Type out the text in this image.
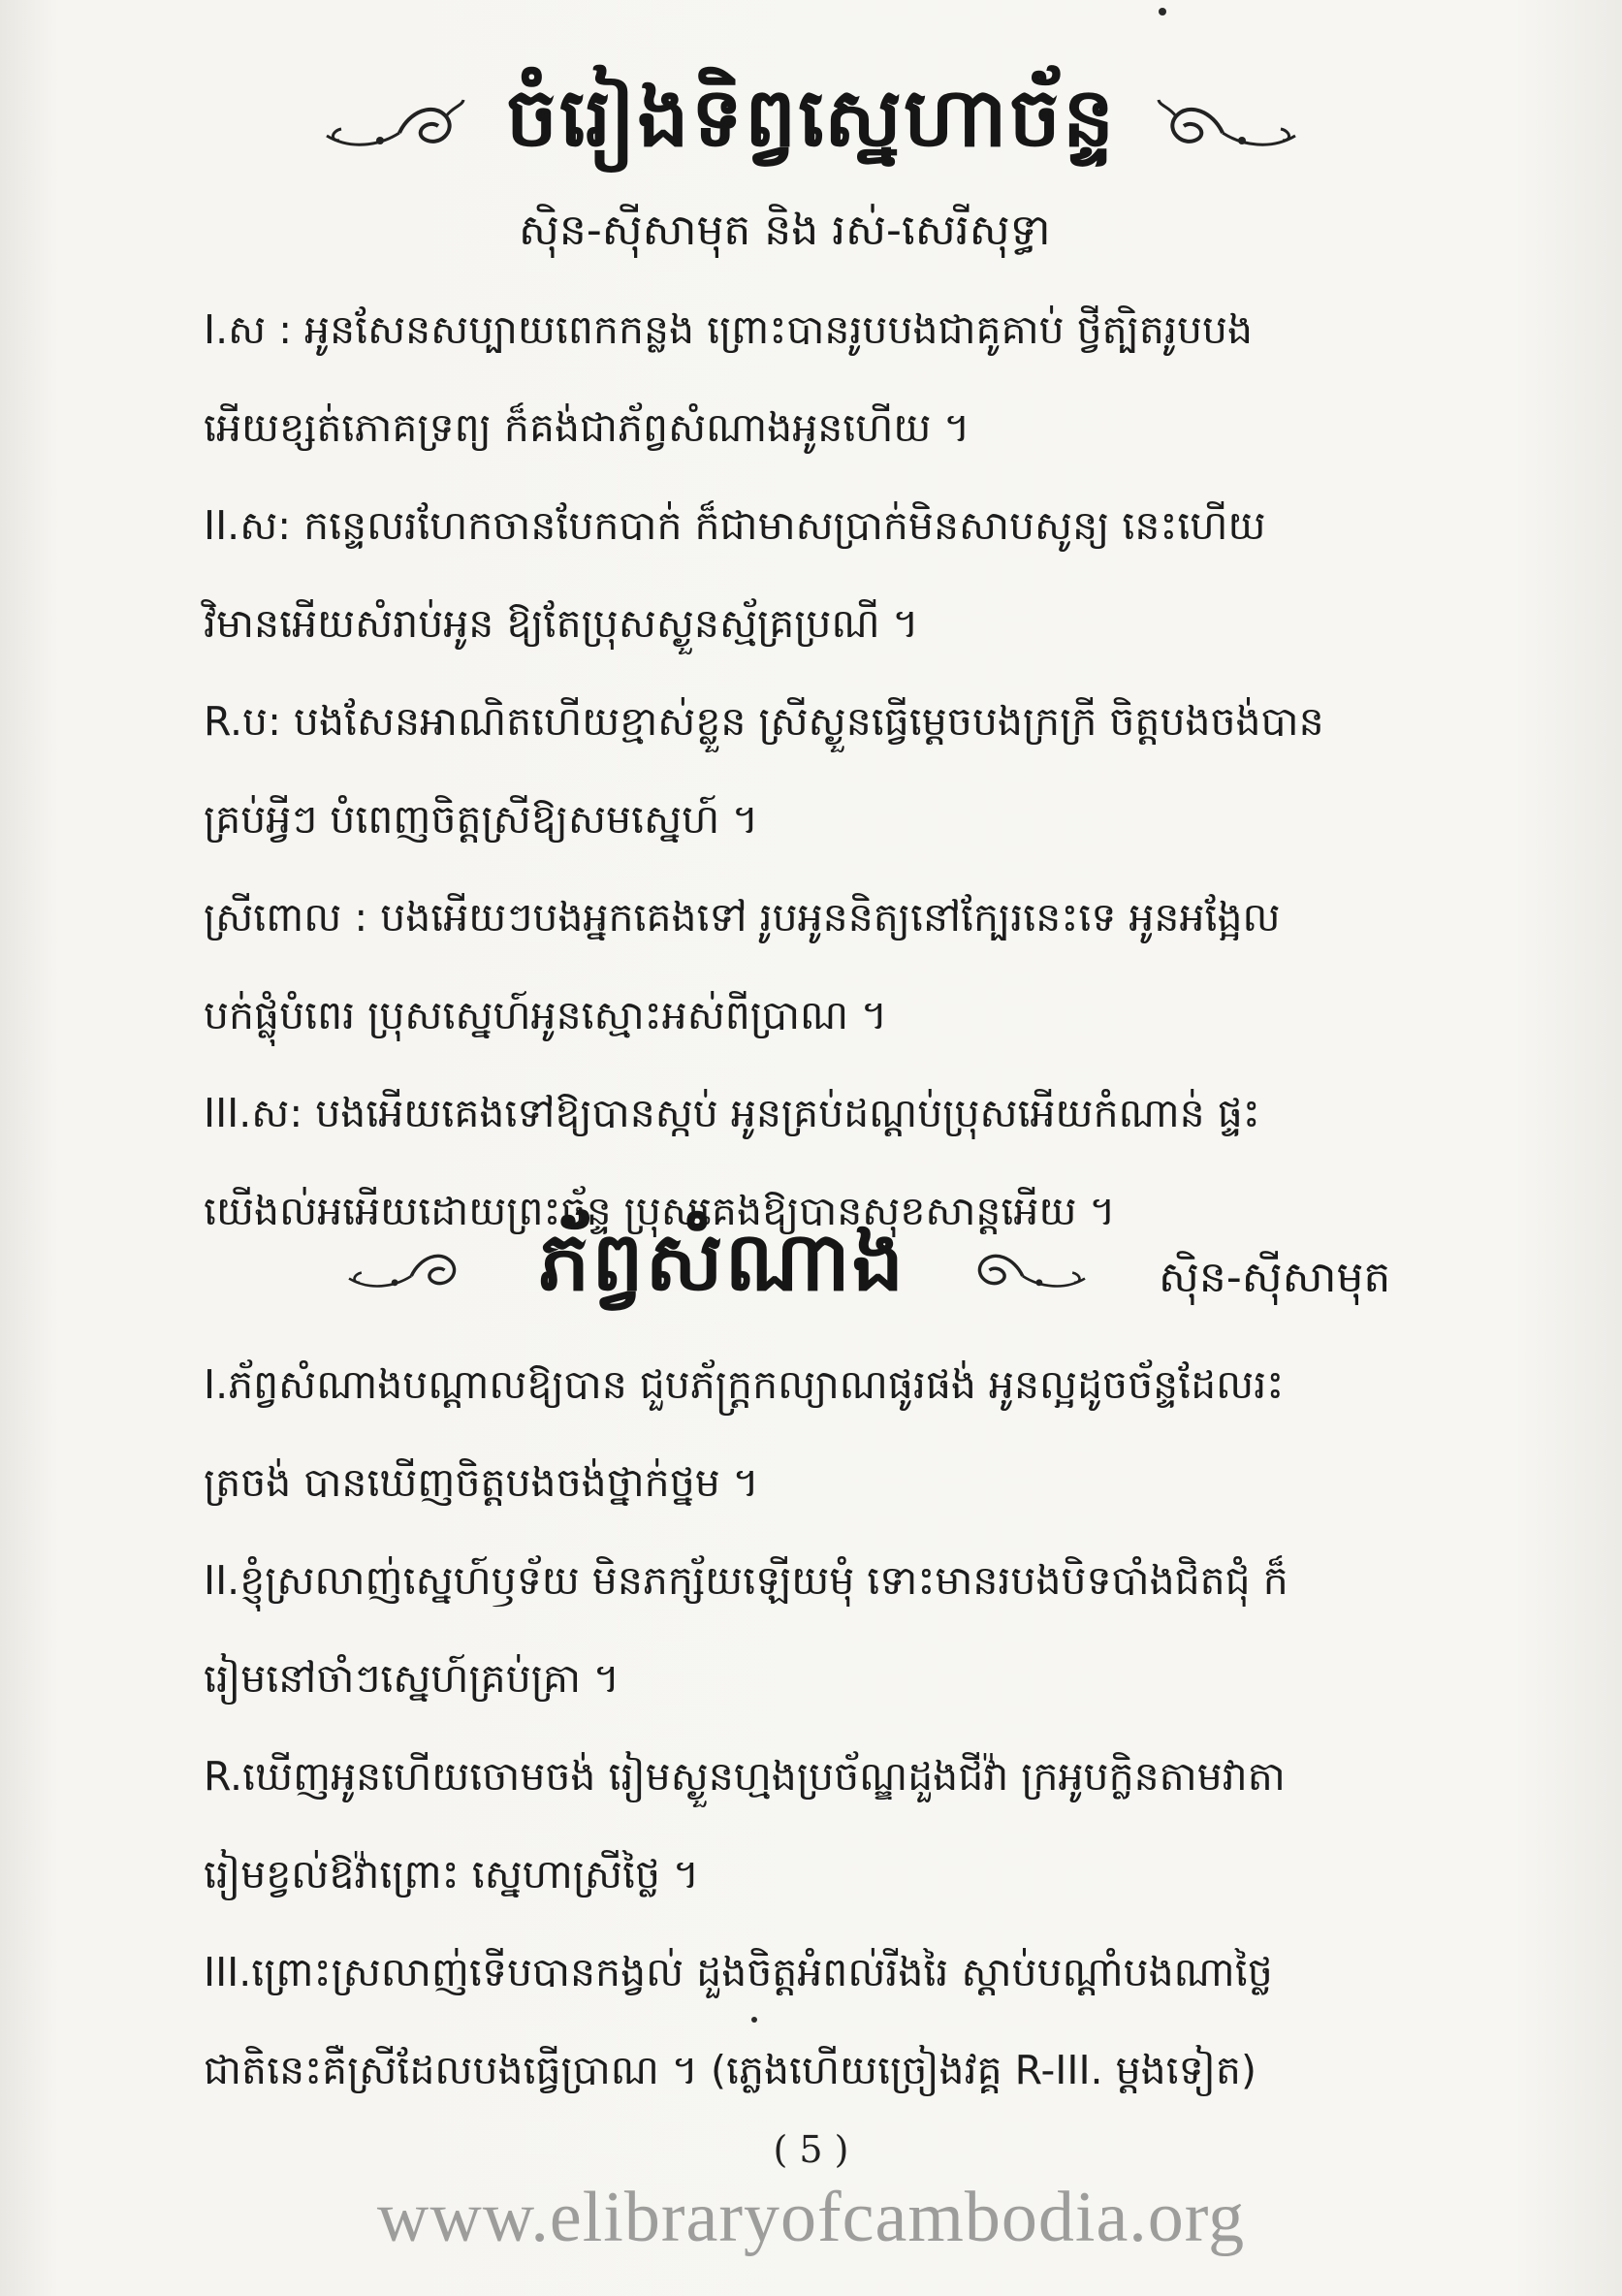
ចំរៀងទិព្វស្នេហាច័ន្ទ
ស៊ិន-ស៊ីសាមុត និង រស់-សេរីសុទ្ធា

I.ស : អូនសែនសប្បាយពេកកន្លង ព្រោះបានរូបបងជាគូគាប់ ថ្វីត្បិតរូបបង

អើយខ្សត់ភោគទ្រព្យ ក៏គង់ជាភ័ព្វសំណាងអូនហើយ ។

II.ស: កន្ទេលរហែកចានបែកបាក់ ក៏ជាមាសប្រាក់មិនសាបសូន្យ នេះហើយ

វិមានអើយសំរាប់អូន ឱ្យតែប្រុសស្ងួនស្ម័គ្រប្រណី ។

R.ប: បងសែនអាណិតហើយខ្មាស់ខ្លួន ស្រីស្ងួនធ្វើម្ដេចបងក្រក្រី ចិត្តបងចង់បាន

គ្រប់អ្វីៗ បំពេញចិត្តស្រីឱ្យសមស្នេហ៍ ។

ស្រីពោល : បងអើយៗបងអ្នកគេងទៅ រូបអូននិត្យនៅក្បែរនេះទេ អូនអង្អែល

បក់ផ្លុំបំពេរ ប្រុសស្នេហ៍អូនស្មោះអស់ពីប្រាណ ។

III.ស: បងអើយគេងទៅឱ្យបានស្កប់ អូនគ្រប់ដណ្ដប់ប្រុសអើយកំណាន់ ផ្ទះ

យើងល់អអើយដោយព្រះច័ន្ទ ប្រុសគេងឱ្យបានសុខសាន្តអើយ ។

ភ័ព្វសំណាង	ស៊ិន-ស៊ីសាមុត

I.ភ័ព្វសំណាងបណ្ដាលឱ្យបាន ជួបភ័ក្ត្រកល្យាណផូរផង់ អូនល្អដូចច័ន្ទដែលរះ

ត្រចង់ បានឃើញចិត្តបងចង់ថ្នាក់ថ្នម ។

II.ខ្ញុំស្រលាញ់ស្នេហ៍ឫទ័យ មិនភក្ស័យឡើយមុំ ទោះមានរបងបិទបាំងជិតជុំ ក៏

រៀមនៅចាំៗស្នេហ៍គ្រប់គ្រា ។

R.ឃើញអូនហើយចោមចង់ រៀមស្ងួនហ្មងប្រច័ណ្ឌដួងជីវ៉ា ក្រអូបក្លិនតាមវាតា

រៀមខ្វល់ឱវ៉ាព្រោះ ស្នេហាស្រីថ្លៃ ។

III.ព្រោះស្រលាញ់ទើបបានកង្វល់ ដួងចិត្តអំពល់រីងរៃ ស្ដាប់បណ្ដាំបងណាថ្លៃ

ជាតិនេះគឺស្រីដែលបងធ្វើប្រាណ ។ (ភ្លេងហើយច្រៀងវគ្គ R-III. ម្ដងទៀត)

( 5 )
www.elibraryofcambodia.org
